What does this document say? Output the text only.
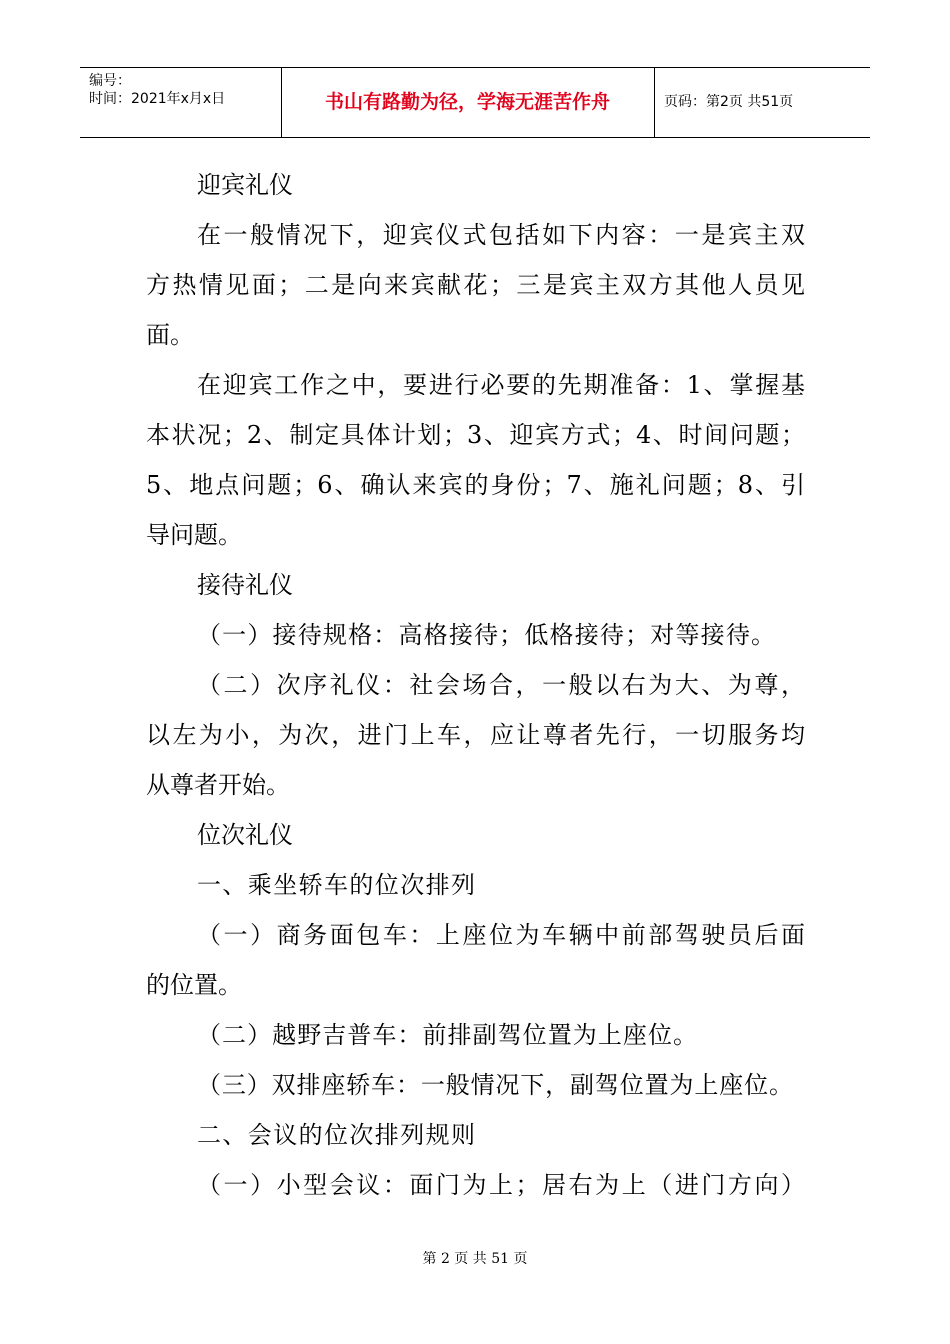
编号：
时间：2021年x月x日	书山有路勤为径，学海无涯苦作舟	页码：第2页 共51页
迎宾礼仪
在一般情况下，迎宾仪式包括如下内容：一是宾主双
方热情见面；二是向来宾献花；三是宾主双方其他人员见
面。
在迎宾工作之中，要进行必要的先期准备：1、掌握基
本状况；2、制定具体计划；3、迎宾方式；4、时间问题；
5、地点问题；6、确认来宾的身份；7、施礼问题；8、引
导问题。
接待礼仪
（一）接待规格：高格接待；低格接待；对等接待。
（二）次序礼仪：社会场合，一般以右为大、为尊，
以左为小，为次，进门上车，应让尊者先行，一切服务均
从尊者开始。
位次礼仪
一、乘坐轿车的位次排列
（一）商务面包车：上座位为车辆中前部驾驶员后面
的位置。
（二）越野吉普车：前排副驾位置为上座位。
（三）双排座轿车：一般情况下，副驾位置为上座位。
二、会议的位次排列规则
（一）小型会议：面门为上；居右为上（进门方向）
第 2 页 共 51 页
